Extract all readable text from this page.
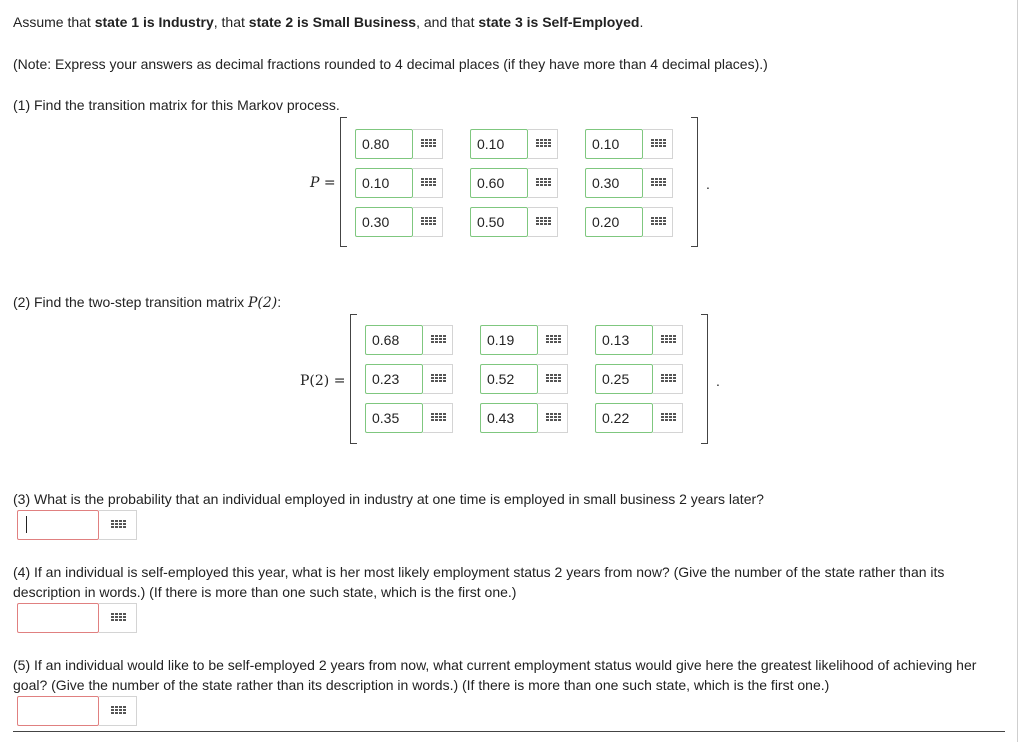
Assume that state 1 is Industry, that state 2 is Small Business, and that state 3 is Self-Employed.
(Note: Express your answers as decimal fractions rounded to 4 decimal places (if they have more than 4 decimal places).)
(1) Find the transition matrix for this Markov process.
P =	.
0.80	0.10	0.10
0.10	0.60	0.30
0.30	0.50	0.20
(2) Find the two-step transition matrix P(2):
P(2) =	.
0.68	0.19	0.13
0.23	0.52	0.25
0.35	0.43	0.22
(3) What is the probability that an individual employed in industry at one time is employed in small business 2 years later?
(4) If an individual is self-employed this year, what is her most likely employment status 2 years from now? (Give the number of the state rather than its description in words.) (If there is more than one such state, which is the first one.)
(5) If an individual would like to be self-employed 2 years from now, what current employment status would give here the greatest likelihood of achieving her goal? (Give the number of the state rather than its description in words.) (If there is more than one such state, which is the first one.)
